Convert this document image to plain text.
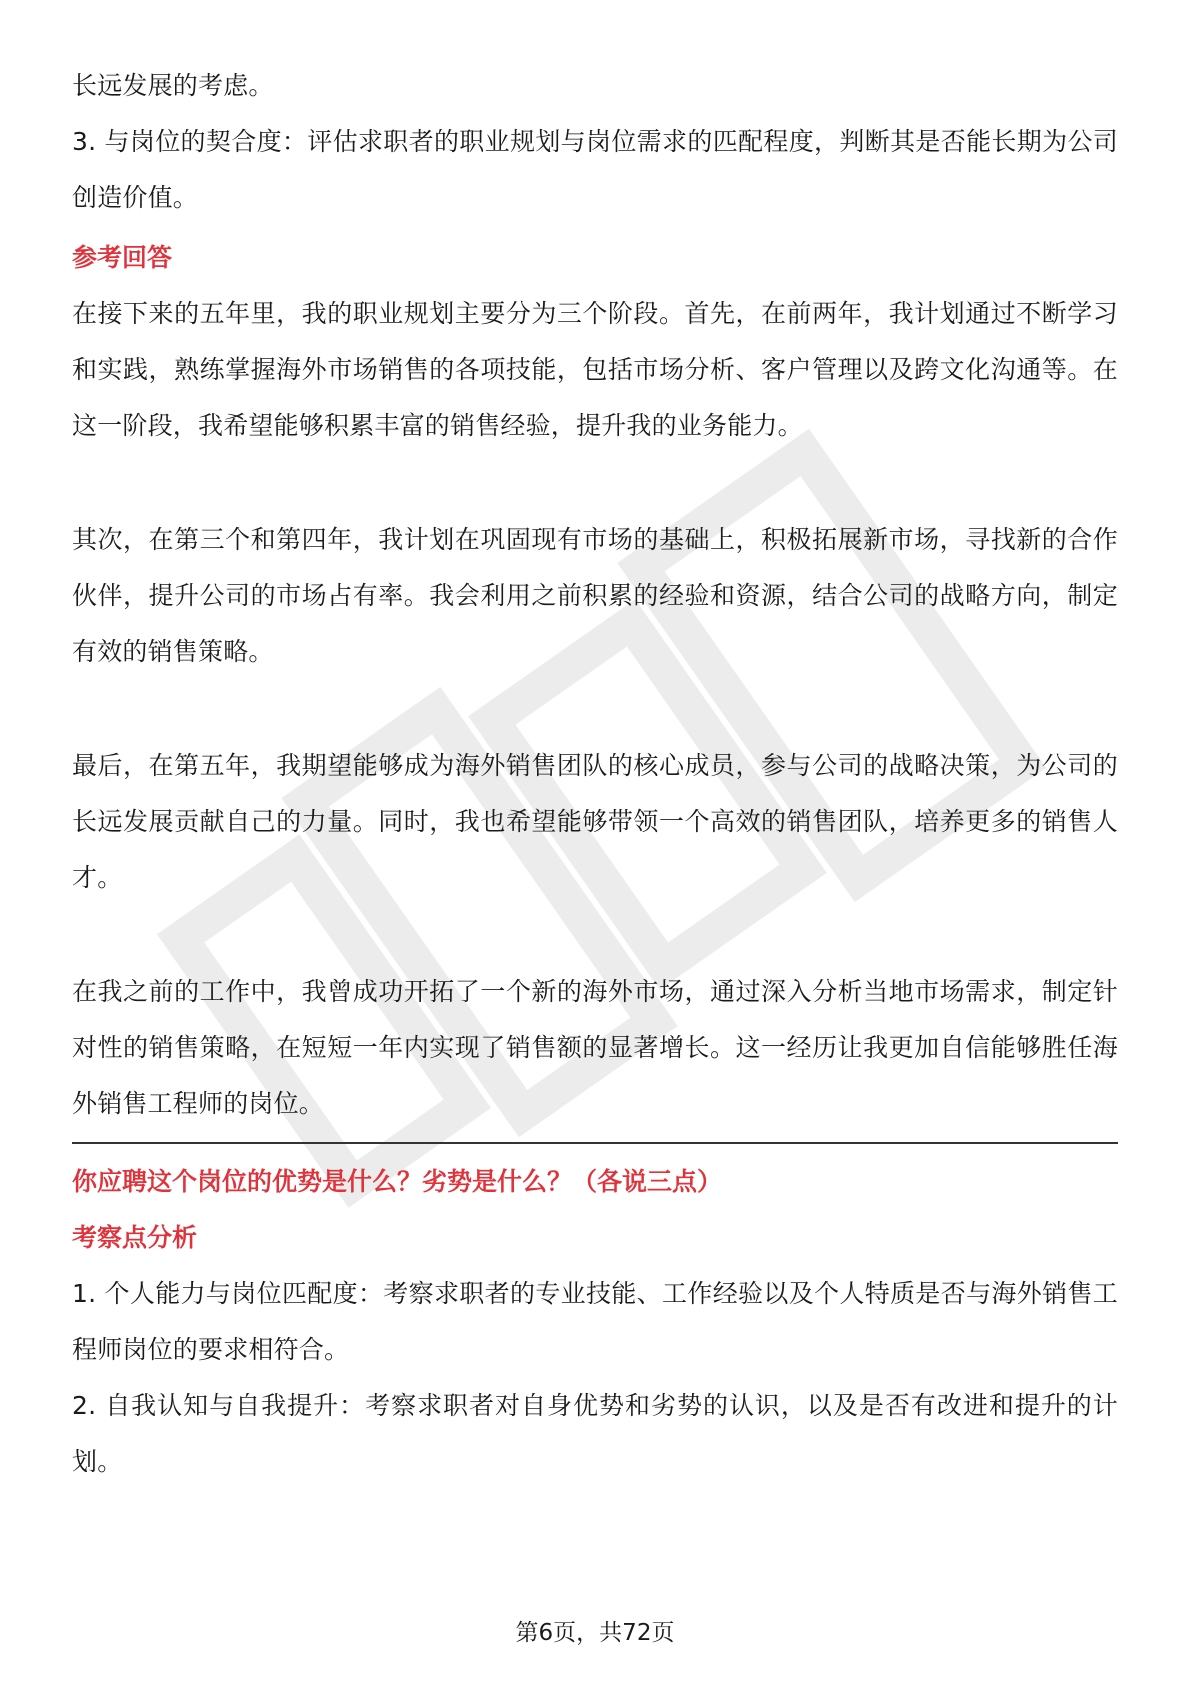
长远发展的考虑。

3. 与岗位的契合度：评估求职者的职业规划与岗位需求的匹配程度，判断其是否能长期为公司创造价值。

参考回答

在接下来的五年里，我的职业规划主要分为三个阶段。首先，在前两年，我计划通过不断学习和实践，熟练掌握海外市场销售的各项技能，包括市场分析、客户管理以及跨文化沟通等。在这一阶段，我希望能够积累丰富的销售经验，提升我的业务能力。

其次，在第三个和第四年，我计划在巩固现有市场的基础上，积极拓展新市场，寻找新的合作伙伴，提升公司的市场占有率。我会利用之前积累的经验和资源，结合公司的战略方向，制定有效的销售策略。

最后，在第五年，我期望能够成为海外销售团队的核心成员，参与公司的战略决策，为公司的长远发展贡献自己的力量。同时，我也希望能够带领一个高效的销售团队，培养更多的销售人才。

在我之前的工作中，我曾成功开拓了一个新的海外市场，通过深入分析当地市场需求，制定针对性的销售策略，在短短一年内实现了销售额的显著增长。这一经历让我更加自信能够胜任海外销售工程师的岗位。

你应聘这个岗位的优势是什么？劣势是什么？（各说三点）

考察点分析

1. 个人能力与岗位匹配度：考察求职者的专业技能、工作经验以及个人特质是否与海外销售工程师岗位的要求相符合。

2. 自我认知与自我提升：考察求职者对自身优势和劣势的认识，以及是否有改进和提升的计划。

第6页，共72页
